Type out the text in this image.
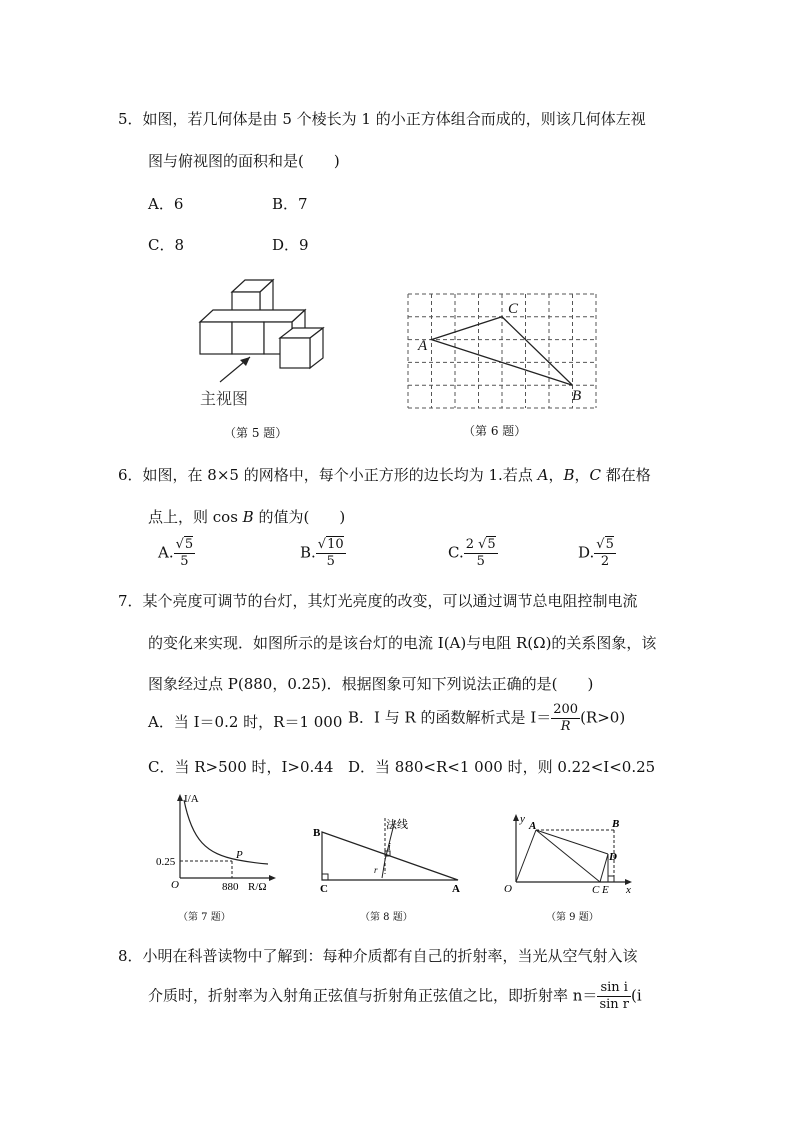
5．如图，若几何体是由 5 个棱长为 1 的小正方体组合而成的，则该几何体左视
图与俯视图的面积和是(　　)
A．6	B．7
C．8	D．9
主视图
（第 5 题）
A
C
B
（第 6 题）
6．如图，在 8×5 的网格中，每个小正方形的边长均为 1.若点 A，B，C 都在格
点上，则 cos B 的值为(　　)
A. $\frac{√5}{5}$	B. $\frac{√10}{5}$	C. $\frac{2 √5}{5}$	D. $\frac{√5}{2}$
7．某个亮度可调节的台灯，其灯光亮度的改变，可以通过调节总电阻控制电流
的变化来实现．如图所示的是该台灯的电流 I(A)与电阻 R(Ω)的关系图象，该
图象经过点 P(880，0.25)．根据图象可知下列说法正确的是(　　)
A．当 I＝0.2 时，R＝1 000 B．I 与 R 的函数解析式是 $I= \frac{200}{R} (R>0)$
C．当 R>500 时，I>0.44 D．当 880<R<1 000 时，则 0.22<I<0.25
I/A
P
0.25
O	880 R/Ω
（第 7 题）
B
C	A
法线
i
r
（第 8 题）
y
A	B
D
O	C E x
（第 9 题）
8．小明在科普读物中了解到：每种介质都有自己的折射率，当光从空气射入该
介质时，折射率为入射角正弦值与折射角正弦值之比，即折射率 $n= \frac{\text{sin i}}{\text{sin r}} (i$
